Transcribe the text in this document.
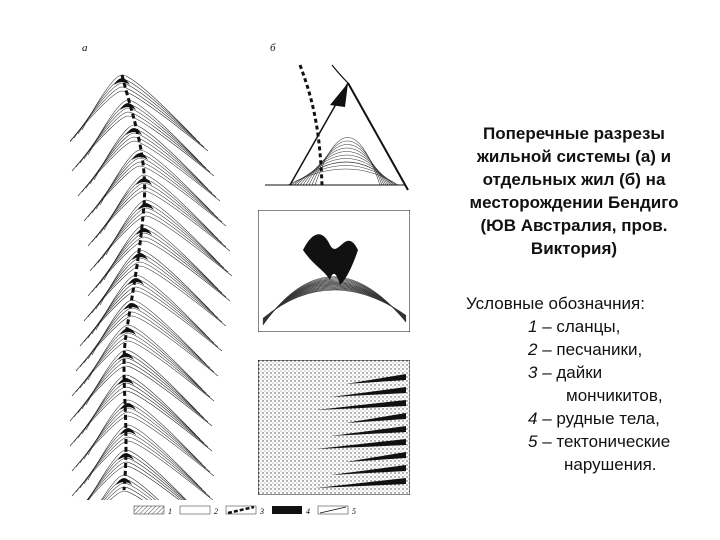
а	б
1	2	3	4	5
Поперечные разрезы
жильной системы (а) и
отдельных жил (б) на
месторождении Бендиго
(ЮВ Австралия, пров.
Виктория)
Условные обозначния:
1 – сланцы,
2 – песчаники,
3 – дайки
мончикитов,
4 – рудные тела,
5 – тектонические
нарушения.
